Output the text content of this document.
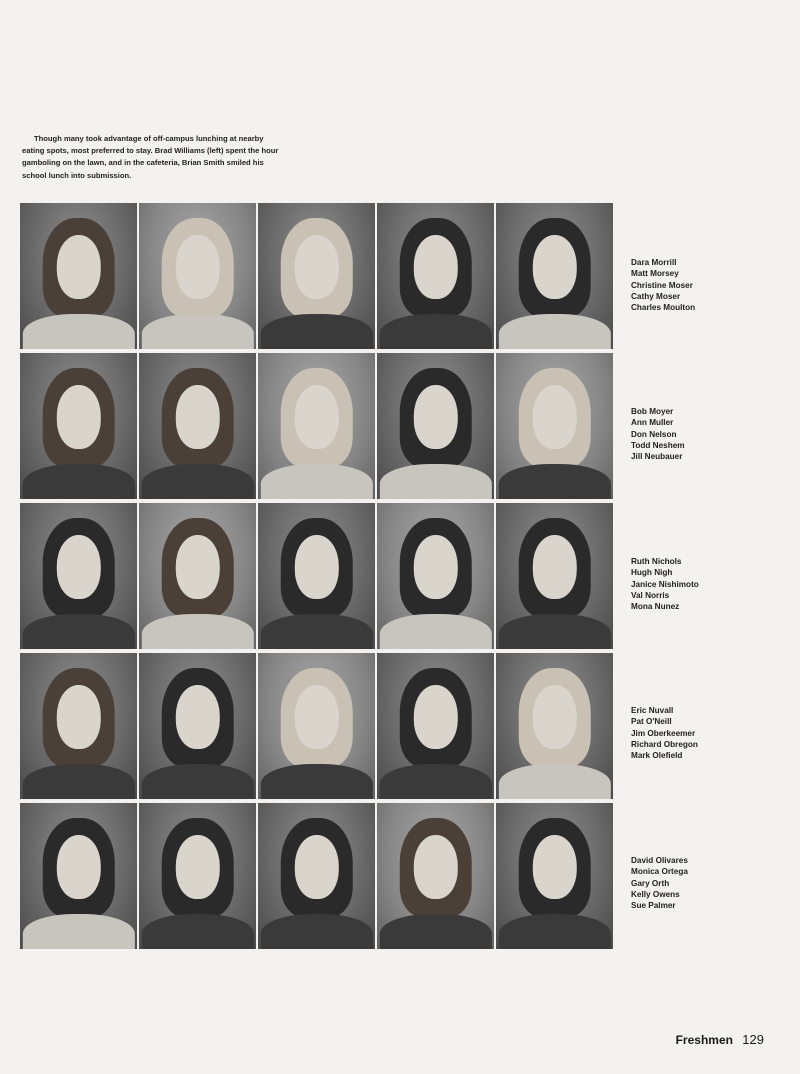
Though many took advantage of off-campus lunching at nearby eating spots, most preferred to stay. Brad Williams (left) spent the hour gamboling on the lawn, and in the cafeteria, Brian Smith smiled his school lunch into submission.

Dara Morrill
Matt Morsey
Christine Moser
Cathy Moser
Charles Moulton
Bob Moyer
Ann Muller
Don Nelson
Todd Neshem
Jill Neubauer
Ruth Nichols
Hugh Nigh
Janice Nishimoto
Val Norris
Mona Nunez
Eric Nuvall
Pat O'Neill
Jim Oberkeemer
Richard Obregon
Mark Olefield
David Olivares
Monica Ortega
Gary Orth
Kelly Owens
Sue Palmer
Freshmen 129
